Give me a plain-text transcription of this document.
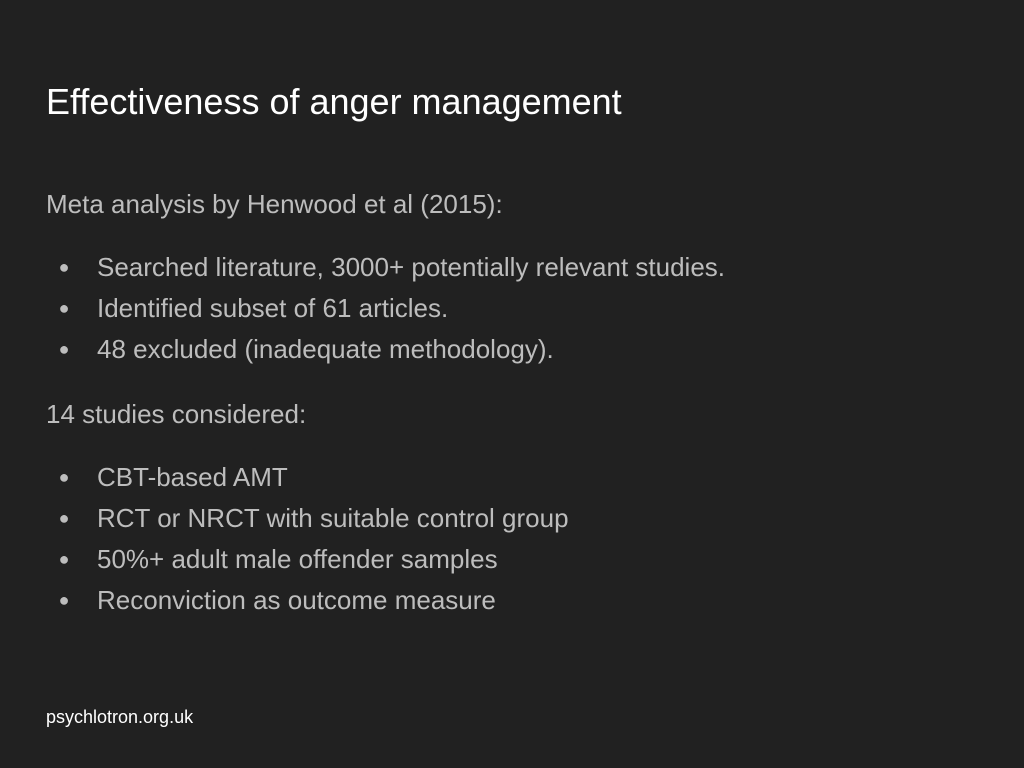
Effectiveness of anger management

Meta analysis by Henwood et al (2015):

● Searched literature, 3000+ potentially relevant studies.
● Identified subset of 61 articles.
● 48 excluded (inadequate methodology).

14 studies considered:

● CBT-based AMT
● RCT or NRCT with suitable control group
● 50%+ adult male offender samples
● Reconviction as outcome measure

psychlotron.org.uk
